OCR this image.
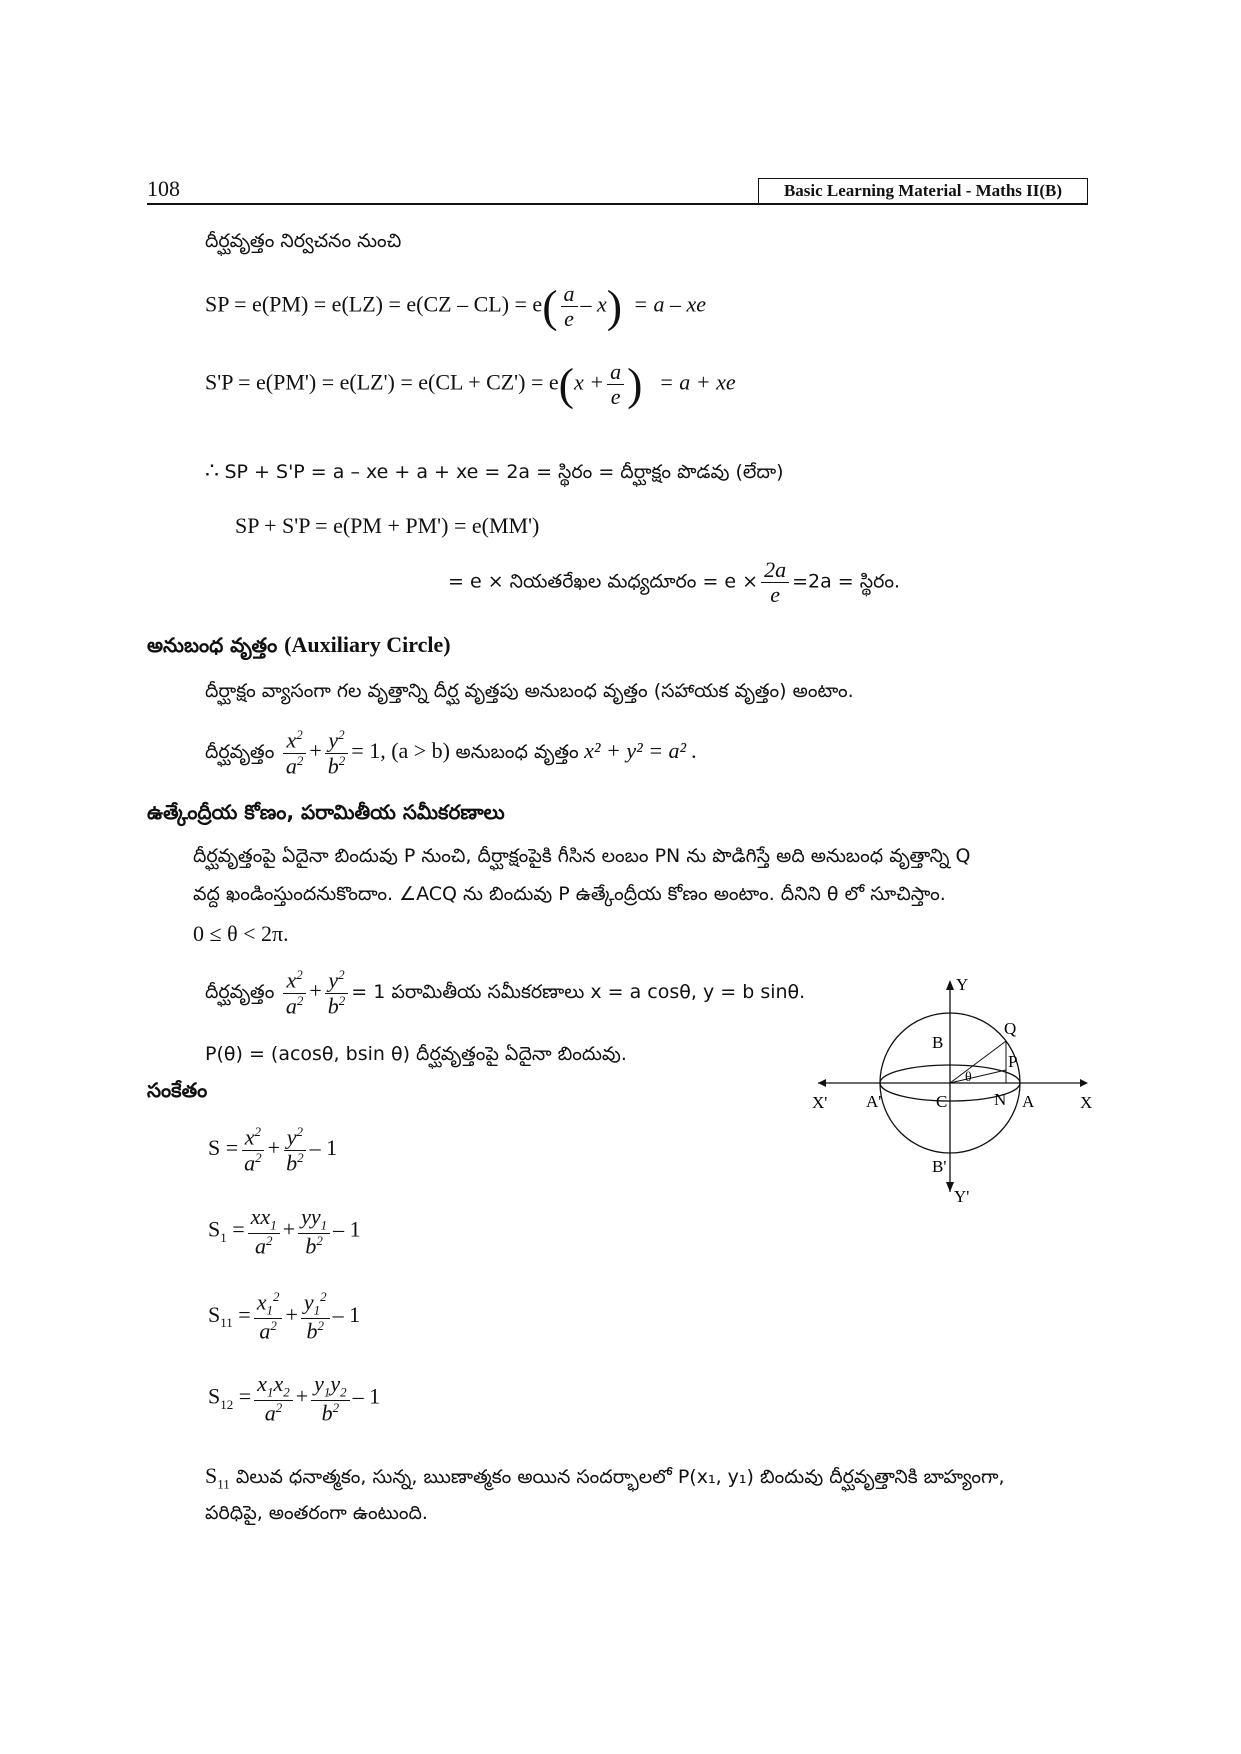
108	Basic Learning Material - Maths II(B)
దీర్ఘవృత్తం నిర్వచనం నుంచి
SP = $e(PM) = e(LZ) = e(CZ - CL) = e( \frac{a}{e} - x) = a$ – xe
$S'P = e(PM') = e(LZ') = e(CL + CZ') = e(x + \frac{a}{e}$ ) = a + xe
∴ SP + S'P = a – xe + a + xe = 2a = స్థిరం = దీర్ఘాక్షం పొడవు (లేదా)
SP + S'P = e(PM + PM') = e(MM')
= e × నియతరేఖల మధ్యదూరం = $e \times \frac{2a}{e} =2a$ = స్థిరం.
అనుబంధ వృత్తం (Auxiliary Circle)
దీర్ఘాక్షం వ్యాసంగా గల వృత్తాన్ని దీర్ఘ వృత్తపు అనుబంధ వృత్తం (సహాయక వృత్తం) అంటాం.
దీర్ఘవృత్తం $\frac{x^2}{a^2} + \frac{y^2}{b^2} = 1$, (a > b) అనుబంధ వృత్తం x² + y² = a² .
ఉత్కేంద్రీయ కోణం, పరామితీయ సమీకరణాలు
దీర్ఘవృత్తంపై ఏదైనా బిందువు P నుంచి, దీర్ఘాక్షంపైకి గీసిన లంబం PN ను పొడిగిస్తే అది అనుబంధ వృత్తాన్ని Q
వద్ద ఖండింస్తుందనుకొందాం. ∠ACQ ను బిందువు P ఉత్కేంద్రీయ కోణం అంటాం. దీనిని θ లో సూచిస్తాం.
0 ≤ θ < 2π.
దీర్ఘవృత్తం $\frac{x^2}{a^2} + \frac{y^2}{b^2} = 1$ పరామితీయ సమీకరణాలు x = a cosθ, y = b sinθ.
P(θ) = (acosθ, bsin θ) దీర్ఘవృత్తంపై ఏదైనా బిందువు.
సంకేతం
$S = \frac{x^2}{a^2} + \frac{y^2}{b^2} - 1$
$S_1 = \frac{xx_1}{a^2} + \frac{yy_1}{b^2} - 1$
$S_{11} = \frac{x_1^2}{a^2} + \frac{y_1^2}{b^2} - 1$
$S_{12} = \frac{x_1x_2}{a^2} + \frac{y_1y_2}{b^2} - 1$
$S_{11}$ విలువ ధనాత్మకం, సున్న, ఋణాత్మకం అయిన సందర్భాలలో P(x₁, y₁) బిందువు దీర్ఘవృత్తానికి బాహ్యంగా,
పరిధిపై, అంతరంగా ఉంటుంది.
Y
Y'
X
X'	A
A'
B
B'
C	N
P
Q
θ
